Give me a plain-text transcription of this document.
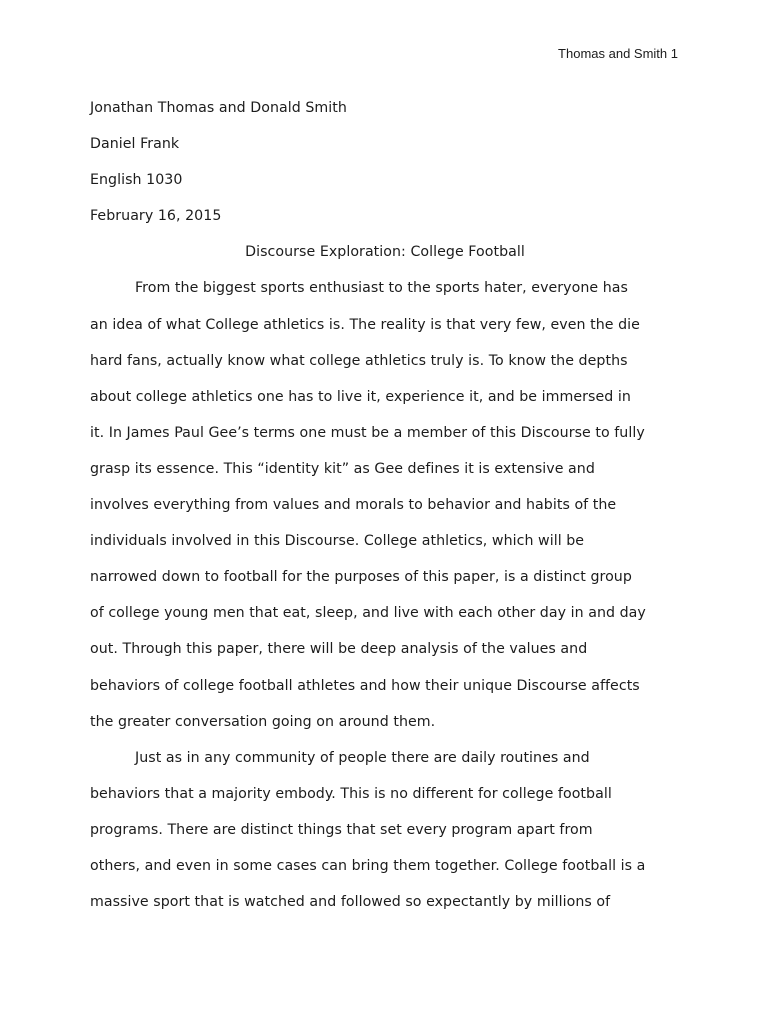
Thomas and Smith 1

Jonathan Thomas and Donald Smith

Daniel Frank

English 1030

February 16, 2015

Discourse Exploration: College Football

From the biggest sports enthusiast to the sports hater, everyone has
an idea of what College athletics is. The reality is that very few, even the die
hard fans, actually know what college athletics truly is. To know the depths
about college athletics one has to live it, experience it, and be immersed in
it. In James Paul Gee’s terms one must be a member of this Discourse to fully
grasp its essence. This “identity kit” as Gee defines it is extensive and
involves everything from values and morals to behavior and habits of the
individuals involved in this Discourse. College athletics, which will be
narrowed down to football for the purposes of this paper, is a distinct group
of college young men that eat, sleep, and live with each other day in and day
out. Through this paper, there will be deep analysis of the values and
behaviors of college football athletes and how their unique Discourse affects
the greater conversation going on around them.

Just as in any community of people there are daily routines and
behaviors that a majority embody. This is no different for college football
programs. There are distinct things that set every program apart from
others, and even in some cases can bring them together. College football is a
massive sport that is watched and followed so expectantly by millions of
